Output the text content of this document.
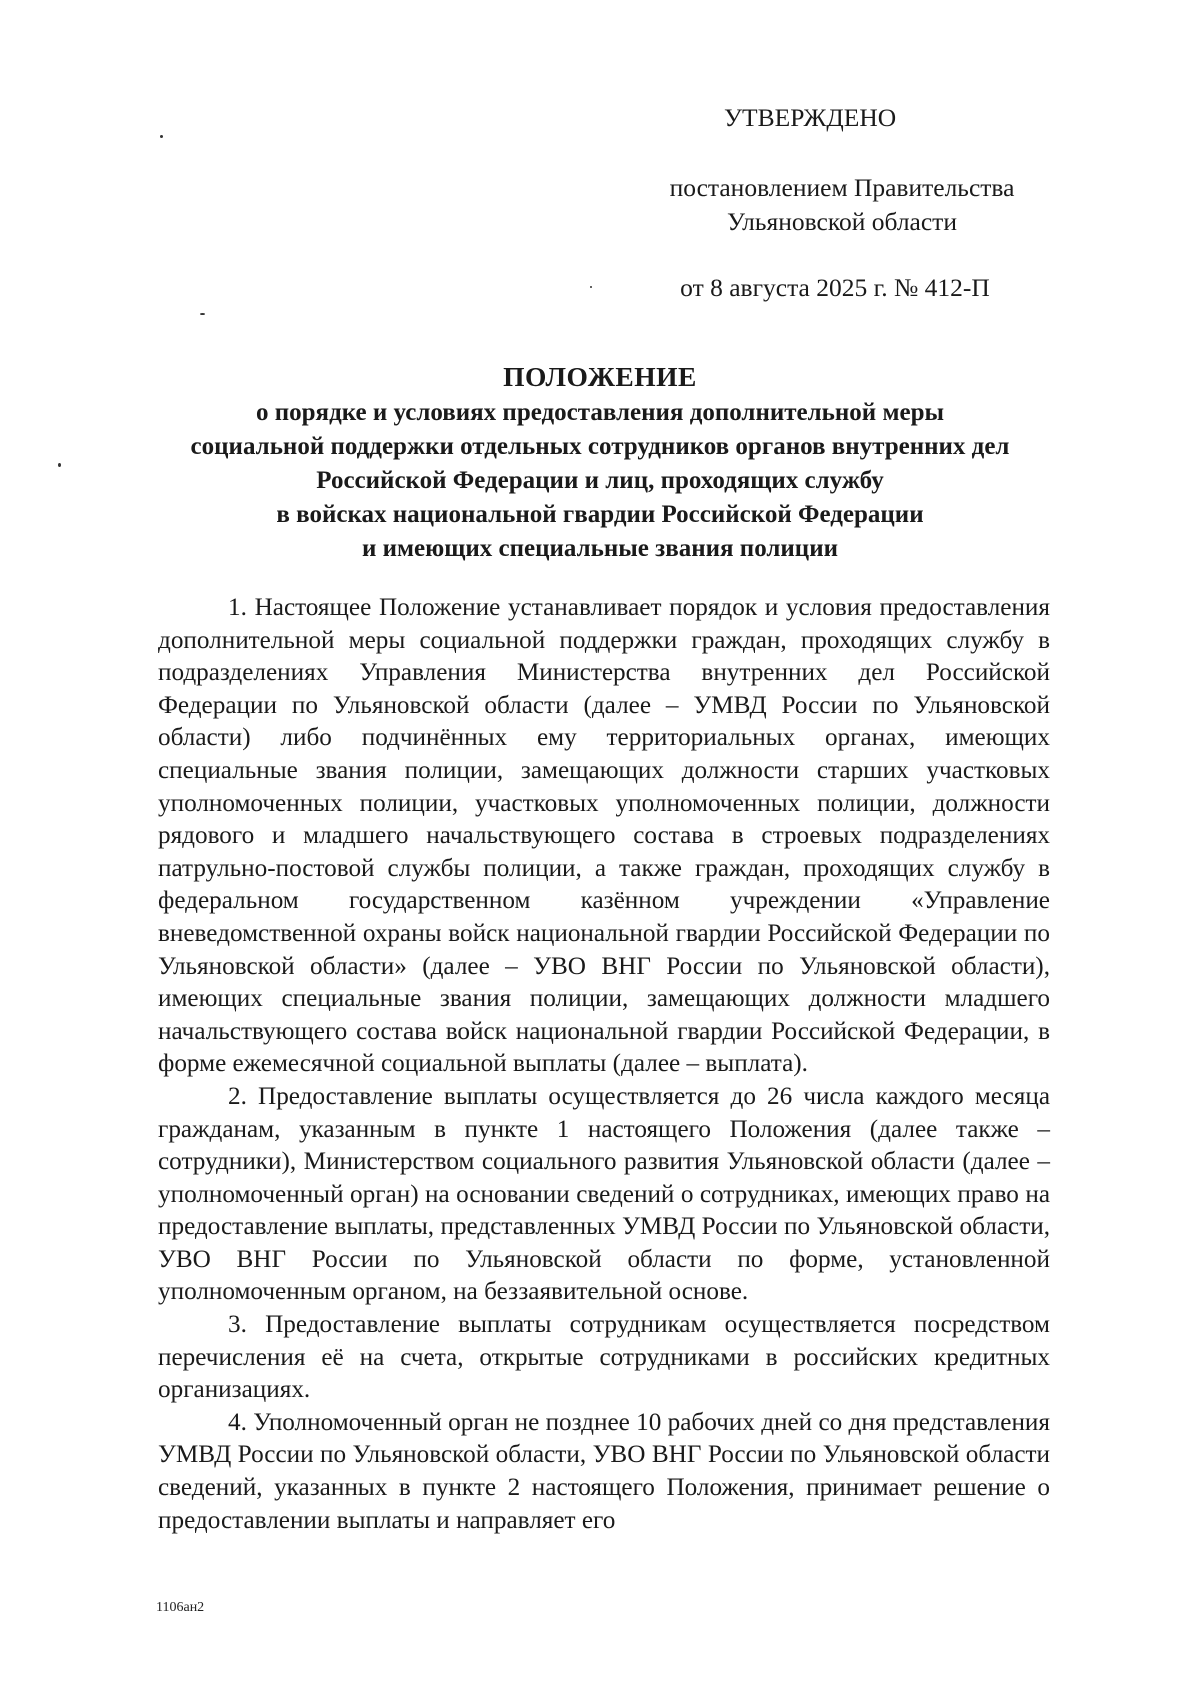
УТВЕРЖДЕНО
постановлением Правительства
Ульяновской области
от 8 августа 2025 г. № 412-П
ПОЛОЖЕНИЕ
о порядке и условиях предоставления дополнительной меры
социальной поддержки отдельных сотрудников органов внутренних дел
Российской Федерации и лиц, проходящих службу
в войсках национальной гвардии Российской Федерации
и имеющих специальные звания полиции

1. Настоящее Положение устанавливает порядок и условия предоставления дополнительной меры социальной поддержки граждан, проходящих службу в подразделениях Управления Министерства внутренних дел Российской Федерации по Ульяновской области (далее – УМВД России по Ульяновской области) либо подчинённых ему территориальных органах, имеющих специальные звания полиции, замещающих должности старших участковых уполномоченных полиции, участковых уполномоченных полиции, должности рядового и младшего начальствующего состава в строевых подразделениях патрульно-постовой службы полиции, а также граждан, проходящих службу в федеральном государственном казённом учреждении «Управление вневедомственной охраны войск национальной гвардии Российской Федерации по Ульяновской области» (далее – УВО ВНГ России по Ульяновской области), имеющих специальные звания полиции, замещающих должности младшего начальствующего состава войск национальной гвардии Российской Федерации, в форме ежемесячной социальной выплаты (далее – выплата).

2. Предоставление выплаты осуществляется до 26 числа каждого месяца гражданам, указанным в пункте 1 настоящего Положения (далее также – сотрудники), Министерством социального развития Ульяновской области (далее – уполномоченный орган) на основании сведений о сотрудниках, имеющих право на предоставление выплаты, представленных УМВД России по Ульяновской области, УВО ВНГ России по Ульяновской области по форме, установленной уполномоченным органом, на беззаявительной основе.

3. Предоставление выплаты сотрудникам осуществляется посредством перечисления её на счета, открытые сотрудниками в российских кредитных организациях.

4. Уполномоченный орган не позднее 10 рабочих дней со дня представления УМВД России по Ульяновской области, УВО ВНГ России по Ульяновской области сведений, указанных в пункте 2 настоящего Положения, принимает решение о предоставлении выплаты и направляет его

1106ан2
